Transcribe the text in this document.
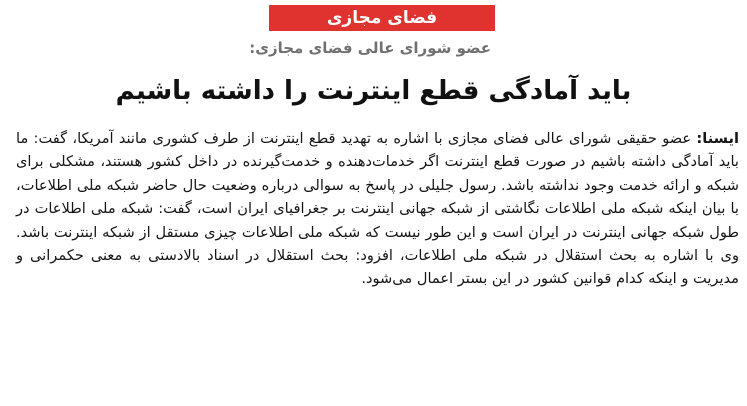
فضای مجازی
عضو شورای عالی فضای مجازی:
باید آمادگی قطع اینترنت را داشته باشیم
ایسنا: عضو حقیقی شورای عالی فضای مجازی با اشاره به تهدید قطع اینترنت از طرف کشوری مانند آمریکا، گفت: ما باید آمادگی داشته باشیم در صورت قطع اینترنت اگر خدمات‌دهنده و خدمت‌گیرنده در داخل کشور هستند، مشکلی برای شبکه و ارائه خدمت وجود نداشته باشد. رسول جلیلی در پاسخ به سوالی درباره وضعیت حال حاضر شبکه ملی اطلاعات، با بیان اینکه شبکه ملی اطلاعات نگاشتی از شبکه جهانی اینترنت بر جغرافیای ایران است، گفت: شبکه ملی اطلاعات در طول شبکه جهانی اینترنت در ایران است و این طور نیست که شبکه ملی اطلاعات چیزی مستقل از شبکه اینترنت باشد. وی با اشاره به بحث استقلال در شبکه ملی اطلاعات، افزود: بحث استقلال در اسناد بالادستی به معنی حکمرانی و مدیریت و اینکه کدام قوانین کشور در این بستر اعمال می‌شود.
